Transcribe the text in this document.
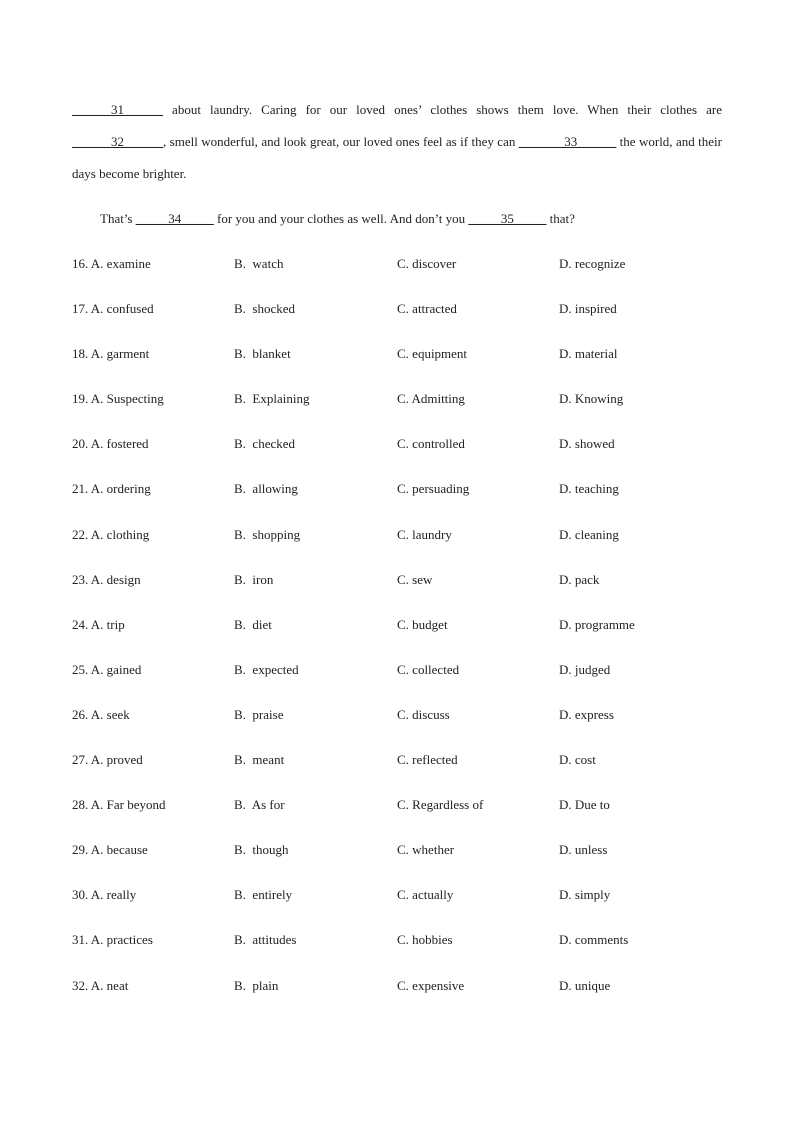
______31______ about laundry. Caring for our loved ones’ clothes shows them love. When their clothes are ______32______, smell wonderful, and look great, our loved ones feel as if they can _______33______ the world, and their days become brighter.
That’s _____34_____ for you and your clothes as well. And don’t you _____35_____ that?
16. A. examine	B.  watch	C. discover	D. recognize
17. A. confused	B.  shocked	C. attracted	D. inspired
18. A. garment	B.  blanket	C. equipment	D. material
19. A. Suspecting	B.  Explaining	C. Admitting	D. Knowing
20. A. fostered	B.  checked	C. controlled	D. showed
21. A. ordering	B.  allowing	C. persuading	D. teaching
22. A. clothing	B.  shopping	C. laundry	D. cleaning
23. A. design	B.  iron	C. sew	D. pack
24. A. trip	B.  diet	C. budget	D. programme
25. A. gained	B.  expected	C. collected	D. judged
26. A. seek	B.  praise	C. discuss	D. express
27. A. proved	B.  meant	C. reflected	D. cost
28. A. Far beyond	B.  As for	C. Regardless of	D. Due to
29. A. because	B.  though	C. whether	D. unless
30. A. really	B.  entirely	C. actually	D. simply
31. A. practices	B.  attitudes	C. hobbies	D. comments
32. A. neat	B.  plain	C. expensive	D. unique
